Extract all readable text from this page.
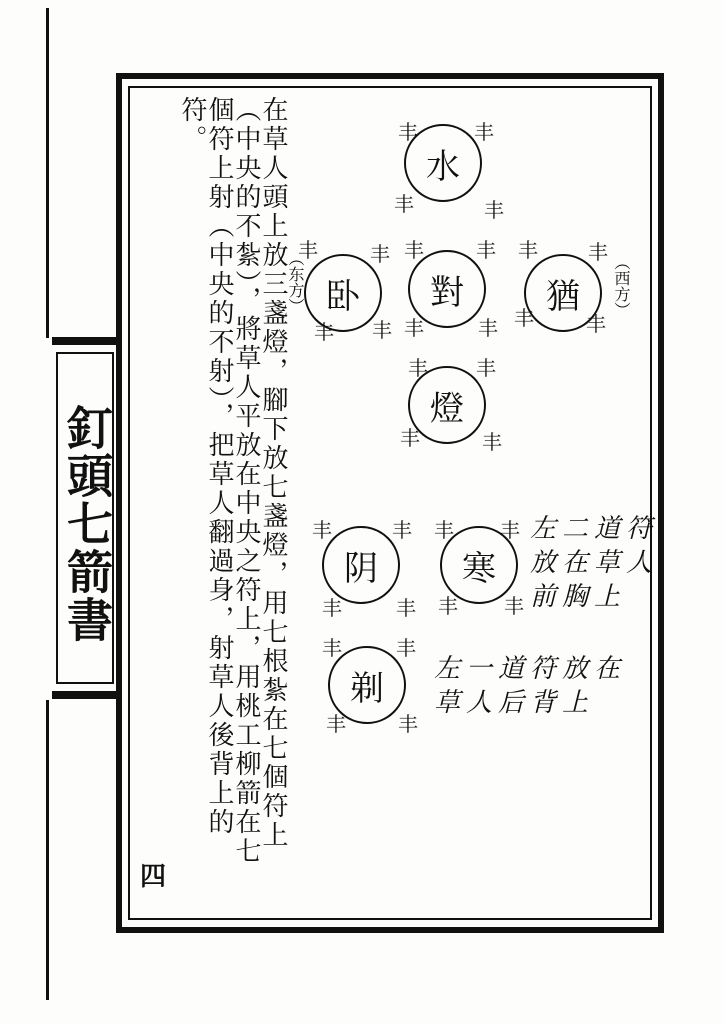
釘頭七箭書	在草人頭上放三盞燈，腳下放七盞燈，用七根紮在七個符上（中央的不紮），將草人平放在中央之符上，用桃工柳箭在七個符上射（中央的不射），把草人翻過身，射草人後背上的符。
四
水
丰	丰
丰	丰
卧
丰	丰
丰 丰
（东方）	對
丰	丰
丰	丰
猶
丰	丰
丰	丰
（西方）
燈
丰 丰
丰	丰
阴
丰	丰
丰	丰
寒
丰 丰
丰 丰
剃
丰	丰
丰	丰
左二道符
放在草人
前胸上
左一道符放在
草人后背上
